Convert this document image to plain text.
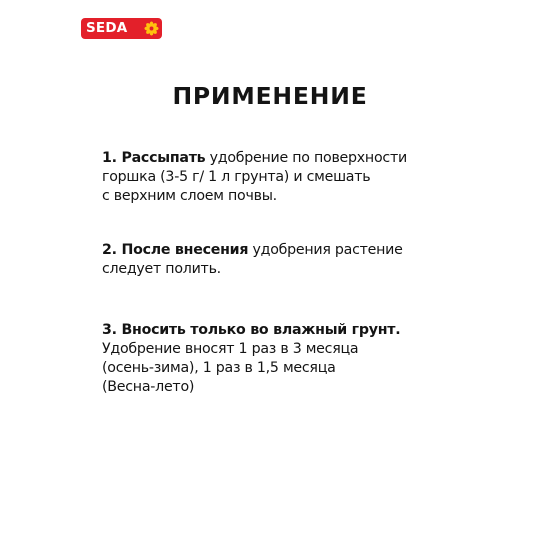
SEDA
ПРИМЕНЕНИЕ

1. Рассыпать удобрение по поверхности
горшка (3-5 г/ 1 л грунта) и смешать
с верхним слоем почвы.

2. После внесения удобрения растение
следует полить.

3. Вносить только во влажный грунт.
Удобрение вносят 1 раз в 3 месяца
(осень-зима), 1 раз в 1,5 месяца
(Весна-лето)
